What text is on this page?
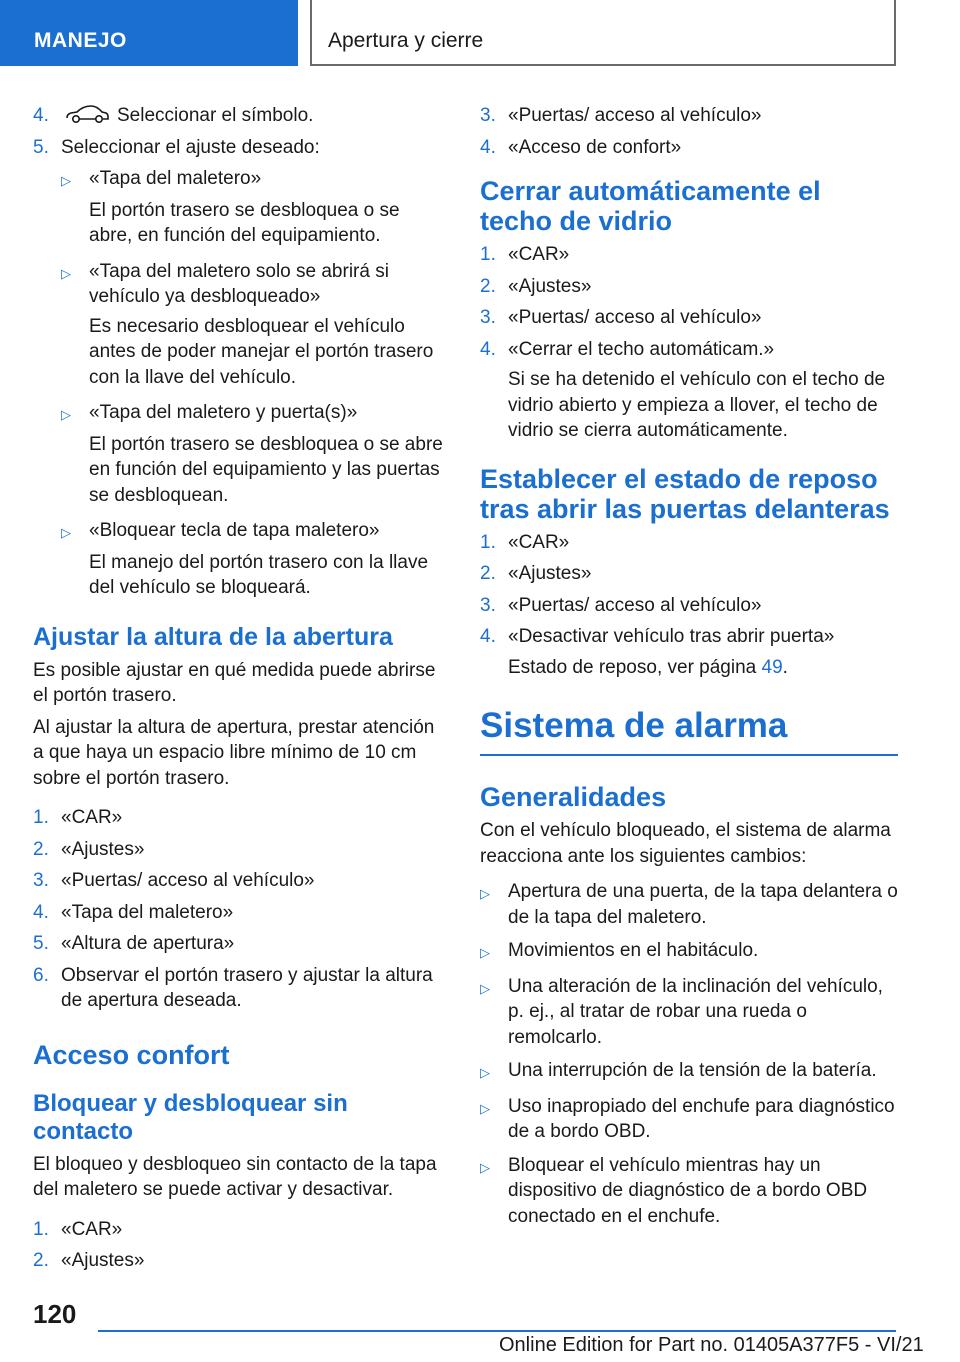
MANEJO	Apertura y cierre
4.	Seleccionar el símbolo.
5. Seleccionar el ajuste deseado:
▷ «Tapa del maletero»
El portón trasero se desbloquea o se abre, en función del equipamiento.
▷ «Tapa del maletero solo se abrirá si vehículo ya desbloqueado»
Es necesario desbloquear el vehículo antes de poder manejar el portón trasero con la llave del vehículo.
▷ «Tapa del maletero y puerta(s)»
El portón trasero se desbloquea o se abre en función del equipamiento y las puertas se desbloquean.
▷ «Bloquear tecla de tapa maletero»
El manejo del portón trasero con la llave del vehículo se bloqueará.
Ajustar la altura de la abertura
Es posible ajustar en qué medida puede abrirse el portón trasero.
Al ajustar la altura de apertura, prestar atención a que haya un espacio libre mínimo de 10 cm sobre el portón trasero.
1. «CAR»
2. «Ajustes»
3. «Puertas/ acceso al vehículo»
4. «Tapa del maletero»
5. «Altura de apertura»
6. Observar el portón trasero y ajustar la altura de apertura deseada.
Acceso confort
Bloquear y desbloquear sin contacto
El bloqueo y desbloqueo sin contacto de la tapa del maletero se puede activar y desactivar.
1. «CAR»
2. «Ajustes»
3. «Puertas/ acceso al vehículo»
4. «Acceso de confort»
Cerrar automáticamente el techo de vidrio
1. «CAR»
2. «Ajustes»
3. «Puertas/ acceso al vehículo»
4. «Cerrar el techo automáticam.»
Si se ha detenido el vehículo con el techo de vidrio abierto y empieza a llover, el techo de vidrio se cierra automáticamente.
Establecer el estado de reposo tras abrir las puertas delanteras
1. «CAR»
2. «Ajustes»
3. «Puertas/ acceso al vehículo»
4. «Desactivar vehículo tras abrir puerta»
Estado de reposo, ver página 49.
Sistema de alarma
Generalidades
Con el vehículo bloqueado, el sistema de alarma reacciona ante los siguientes cambios:
▷ Apertura de una puerta, de la tapa delantera o de la tapa del maletero.
▷ Movimientos en el habitáculo.
▷ Una alteración de la inclinación del vehículo, p. ej., al tratar de robar una rueda o remolcarlo.
▷ Una interrupción de la tensión de la batería.
▷ Uso inapropiado del enchufe para diagnóstico de a bordo OBD.
▷ Bloquear el vehículo mientras hay un dispositivo de diagnóstico de a bordo OBD conectado en el enchufe.
120
Online Edition for Part no. 01405A377F5 - VI/21
